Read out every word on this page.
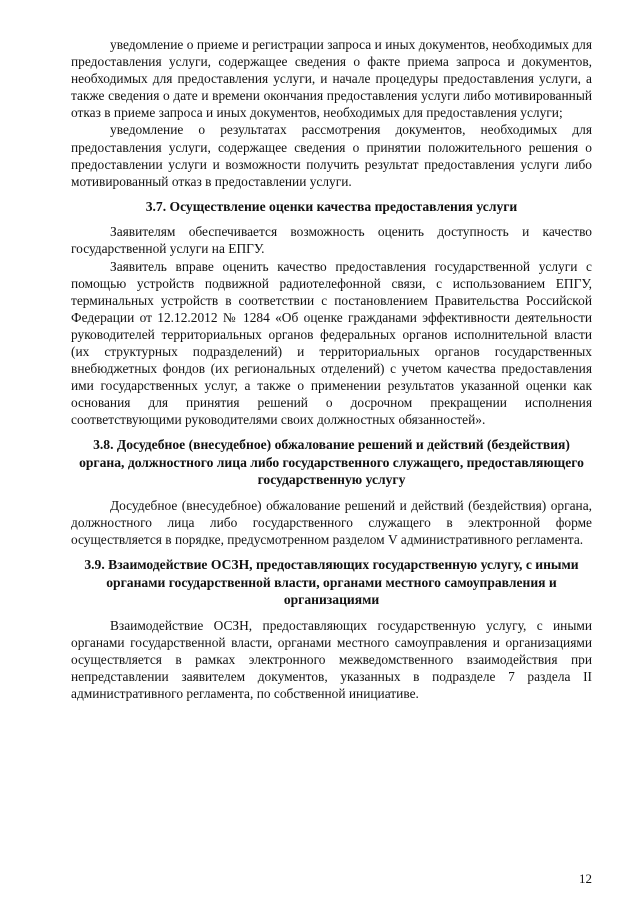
уведомление о приеме и регистрации запроса и иных документов, необходимых для предоставления услуги, содержащее сведения о факте приема запроса и документов, необходимых для предоставления услуги, и начале процедуры предоставления услуги, а также сведения о дате и времени окончания предоставления услуги либо мотивированный отказ в приеме запроса и иных документов, необходимых для предоставления услуги;

уведомление о результатах рассмотрения документов, необходимых для предоставления услуги, содержащее сведения о принятии положительного решения о предоставлении услуги и возможности получить результат предоставления услуги либо мотивированный отказ в предоставлении услуги.

3.7. Осуществление оценки качества предоставления услуги

Заявителям обеспечивается возможность оценить доступность и качество государственной услуги на ЕПГУ.

Заявитель вправе оценить качество предоставления государственной услуги с помощью устройств подвижной радиотелефонной связи, с использованием ЕПГУ, терминальных устройств в соответствии с постановлением Правительства Российской Федерации от 12.12.2012 № 1284 «Об оценке гражданами эффективности деятельности руководителей территориальных органов федеральных органов исполнительной власти (их структурных подразделений) и территориальных органов государственных внебюджетных фондов (их региональных отделений) с учетом качества предоставления ими государственных услуг, а также о применении результатов указанной оценки как основания для принятия решений о досрочном прекращении исполнения соответствующими руководителями своих должностных обязанностей».

3.8. Досудебное (внесудебное) обжалование решений и действий (бездействия) органа, должностного лица либо государственного служащего, предоставляющего государственную услугу

Досудебное (внесудебное) обжалование решений и действий (бездействия) органа, должностного лица либо государственного служащего в электронной форме осуществляется в порядке, предусмотренном разделом V административного регламента.

3.9. Взаимодействие ОСЗН, предоставляющих государственную услугу, с иными органами государственной власти, органами местного самоуправления и организациями

Взаимодействие ОСЗН, предоставляющих государственную услугу, с иными органами государственной власти, органами местного самоуправления и организациями осуществляется в рамках электронного межведомственного взаимодействия при непредставлении заявителем документов, указанных в подразделе 7 раздела II административного регламента, по собственной инициативе.

12
